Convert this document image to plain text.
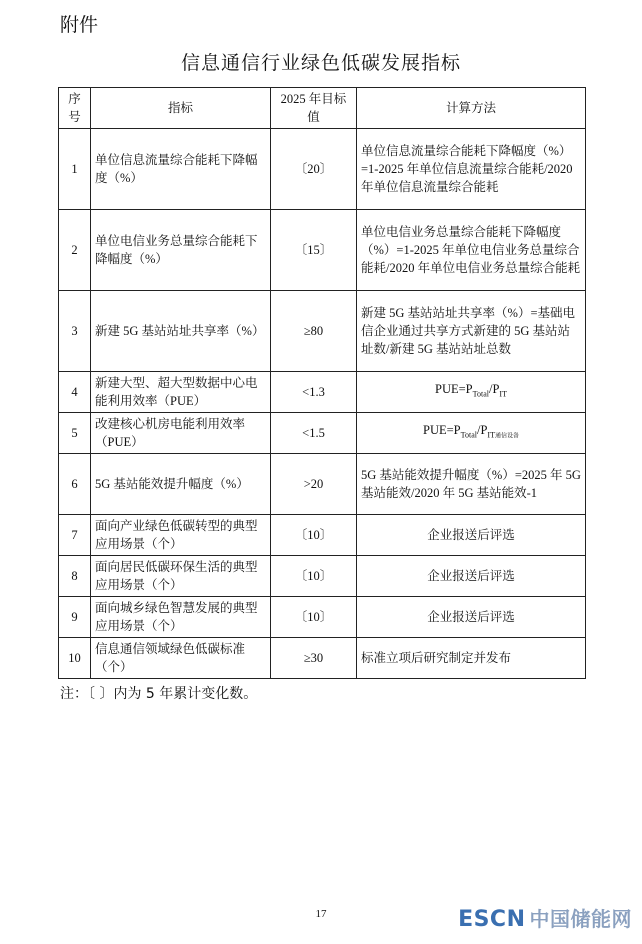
附件
信息通信行业绿色低碳发展指标
序号	指标	2025 年目标值	计算方法
1	单位信息流量综合能耗下降幅度（%）	〔20〕	单位信息流量综合能耗下降幅度（%）=1-2025 年单位信息流量综合能耗/2020 年单位信息流量综合能耗
2	单位电信业务总量综合能耗下降幅度（%）	〔15〕	单位电信业务总量综合能耗下降幅度（%）=1-2025 年单位电信业务总量综合能耗/2020 年单位电信业务总量综合能耗
3	新建 5G 基站站址共享率（%）	≥80	新建 5G 基站站址共享率（%）=基础电信企业通过共享方式新建的 5G 基站站址数/新建 5G 基站站址总数
4	新建大型、超大型数据中心电能利用效率（PUE）	<1.3	$PUE=P_{Total}/P_{IT}$
5	改建核心机房电能利用效率（PUE）	<1.5	$PUE=P_{Total}/P_{IT通信设备}$
6	5G 基站能效提升幅度（%）	>20	5G 基站能效提升幅度（%）=2025 年 5G 基站能效/2020 年 5G 基站能效-1
7	面向产业绿色低碳转型的典型应用场景（个）	〔10〕	企业报送后评选
8	面向居民低碳环保生活的典型应用场景（个）	〔10〕	企业报送后评选
9	面向城乡绿色智慧发展的典型应用场景（个）	〔10〕	企业报送后评选
10	信息通信领域绿色低碳标准（个）	≥30	标准立项后研究制定并发布
注：〔 〕内为 5 年累计变化数。
17	ESCN 中国储能网
